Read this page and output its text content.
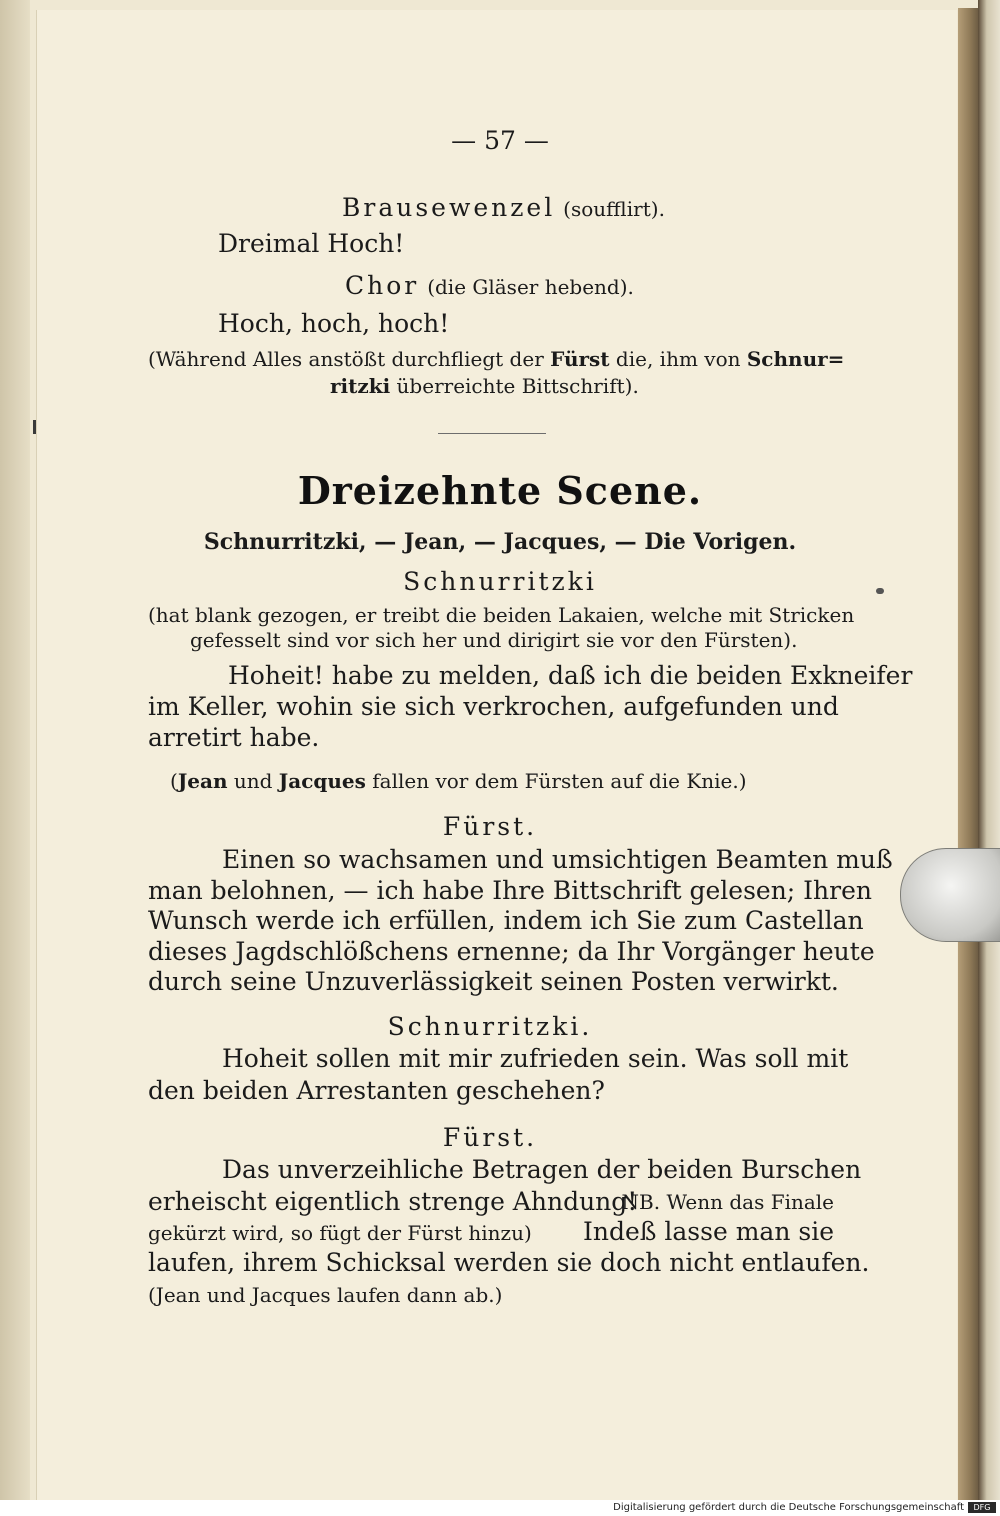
— 57 —
Brausewenzel (soufflirt).
Dreimal Hoch!
Chor (die Gläser hebend).
Hoch, hoch, hoch!
(Während Alles anstößt durchfliegt der Fürst die, ihm von Schnur=
ritzki überreichte Bittschrift).
Dreizehnte Scene.
Schnurritzki, — Jean, — Jacques, — Die Vorigen.
Schnurritzki
(hat blank gezogen, er treibt die beiden Lakaien, welche mit Stricken
gefesselt sind vor sich her und dirigirt sie vor den Fürsten).
Hoheit! habe zu melden, daß ich die beiden Exkneifer
im Keller, wohin sie sich verkrochen, aufgefunden und
arretirt habe.
(Jean und Jacques fallen vor dem Fürsten auf die Knie.)
Fürst.
Einen so wachsamen und umsichtigen Beamten muß
man belohnen, — ich habe Ihre Bittschrift gelesen; Ihren
Wunsch werde ich erfüllen, indem ich Sie zum Castellan
dieses Jagdschlößchens ernenne; da Ihr Vorgänger heute
durch seine Unzuverlässigkeit seinen Posten verwirkt.
Schnurritzki.
Hoheit sollen mit mir zufrieden sein. Was soll mit
den beiden Arrestanten geschehen?
Fürst.
Das unverzeihliche Betragen der beiden Burschen
erheischt eigentlich strenge Ahndung!
NB. Wenn das Finale
gekürzt wird, so fügt der Fürst hinzu) Indeß lasse man sie
laufen, ihrem Schicksal werden sie doch nicht entlaufen.
(Jean und Jacques laufen dann ab.)
Digitalisierung gefördert durch die Deutsche Forschungsgemeinschaft	DFG
